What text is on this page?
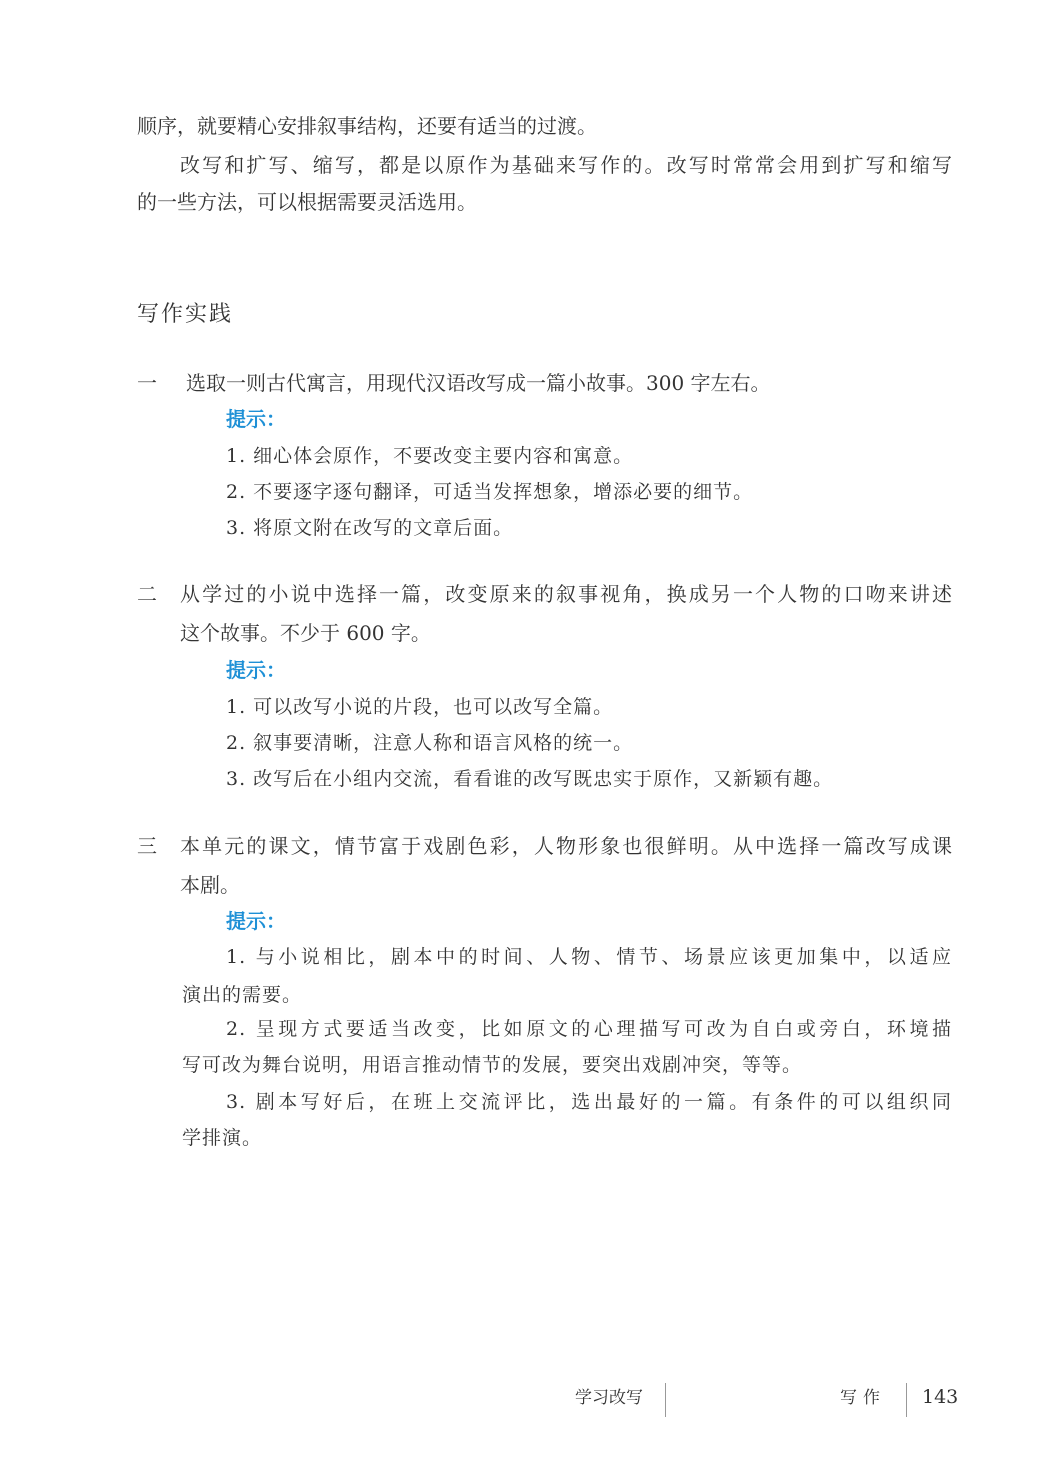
顺序，就要精心安排叙事结构，还要有适当的过渡。
改写和扩写、缩写，都是以原作为基础来写作的。改写时常常会用到扩写和缩写
的一些方法，可以根据需要灵活选用。
写作实践
一 选取一则古代寓言，用现代汉语改写成一篇小故事。300 字左右。
提示：
1. 细心体会原作，不要改变主要内容和寓意。
2. 不要逐字逐句翻译，可适当发挥想象，增添必要的细节。
3. 将原文附在改写的文章后面。
二 从学过的小说中选择一篇，改变原来的叙事视角，换成另一个人物的口吻来讲述
这个故事。不少于 600 字。
提示：
1. 可以改写小说的片段，也可以改写全篇。
2. 叙事要清晰，注意人称和语言风格的统一。
3. 改写后在小组内交流，看看谁的改写既忠实于原作，又新颖有趣。
三 本单元的课文，情节富于戏剧色彩，人物形象也很鲜明。从中选择一篇改写成课
本剧。
提示：
1. 与小说相比，剧本中的时间、人物、情节、场景应该更加集中，以适应
演出的需要。
2. 呈现方式要适当改变，比如原文的心理描写可改为自白或旁白，环境描
写可改为舞台说明，用语言推动情节的发展，要突出戏剧冲突，等等。
3. 剧本写好后，在班上交流评比，选出最好的一篇。有条件的可以组织同
学排演。
学习改写	写作 143
